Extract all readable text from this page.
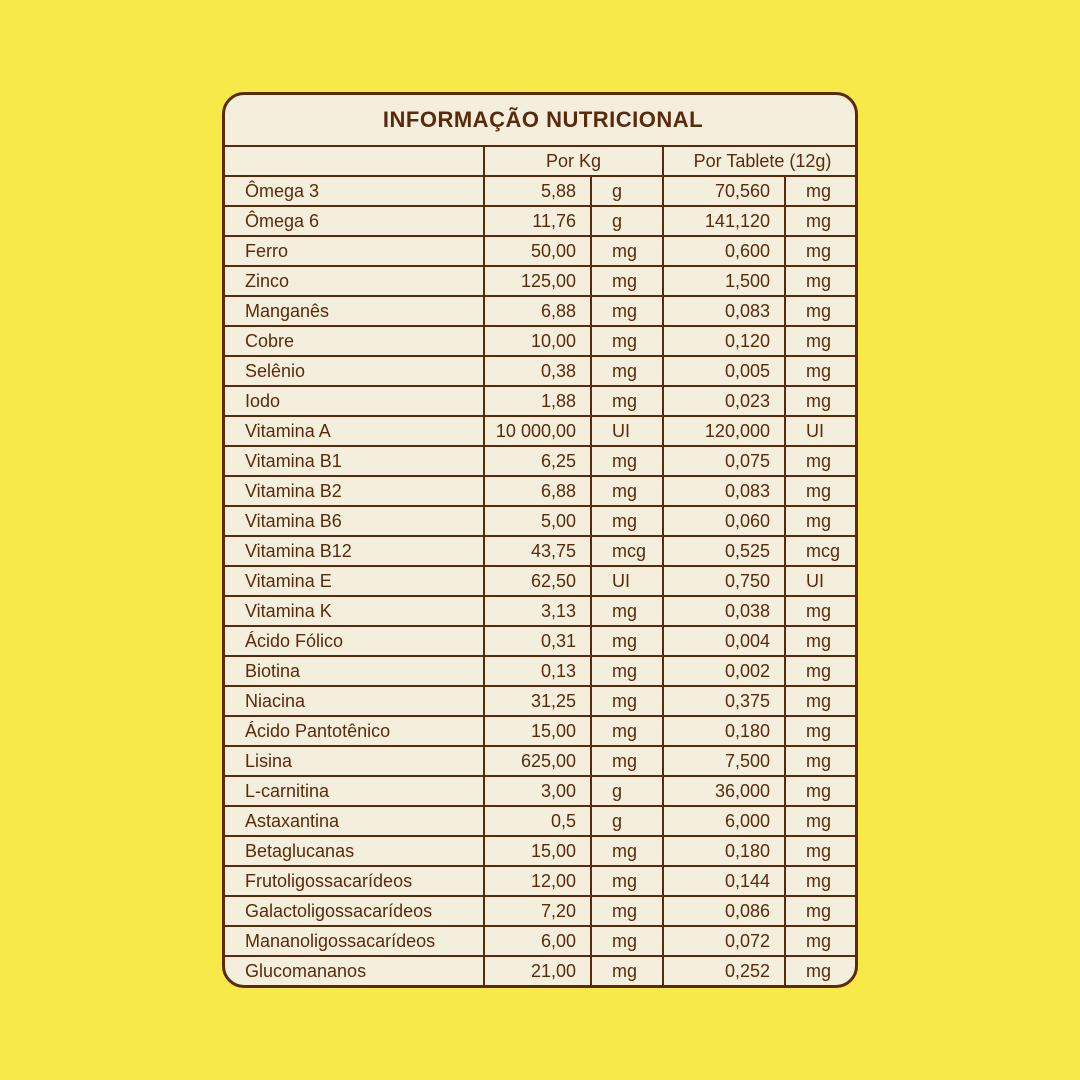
INFORMAÇÃO NUTRICIONAL				
	Por Kg		Por Tablete (12g)	
Ômega 3	5,88	g	70,560	mg
Ômega 6	11,76	g	141,120	mg
Ferro	50,00	mg	0,600	mg
Zinco	125,00	mg	1,500	mg
Manganês	6,88	mg	0,083	mg
Cobre	10,00	mg	0,120	mg
Selênio	0,38	mg	0,005	mg
Iodo	1,88	mg	0,023	mg
Vitamina A	10 000,00	UI	120,000	UI
Vitamina B1	6,25	mg	0,075	mg
Vitamina B2	6,88	mg	0,083	mg
Vitamina B6	5,00	mg	0,060	mg
Vitamina B12	43,75	mcg	0,525	mcg
Vitamina E	62,50	UI	0,750	UI
Vitamina K	3,13	mg	0,038	mg
Ácido Fólico	0,31	mg	0,004	mg
Biotina	0,13	mg	0,002	mg
Niacina	31,25	mg	0,375	mg
Ácido Pantotênico	15,00	mg	0,180	mg
Lisina	625,00	mg	7,500	mg
L-carnitina	3,00	g	36,000	mg
Astaxantina	0,5	g	6,000	mg
Betaglucanas	15,00	mg	0,180	mg
Frutoligossacarídeos	12,00	mg	0,144	mg
Galactoligossacarídeos	7,20	mg	0,086	mg
Mananoligossacarídeos	6,00	mg	0,072	mg
Glucomananos	21,00	mg	0,252	mg
